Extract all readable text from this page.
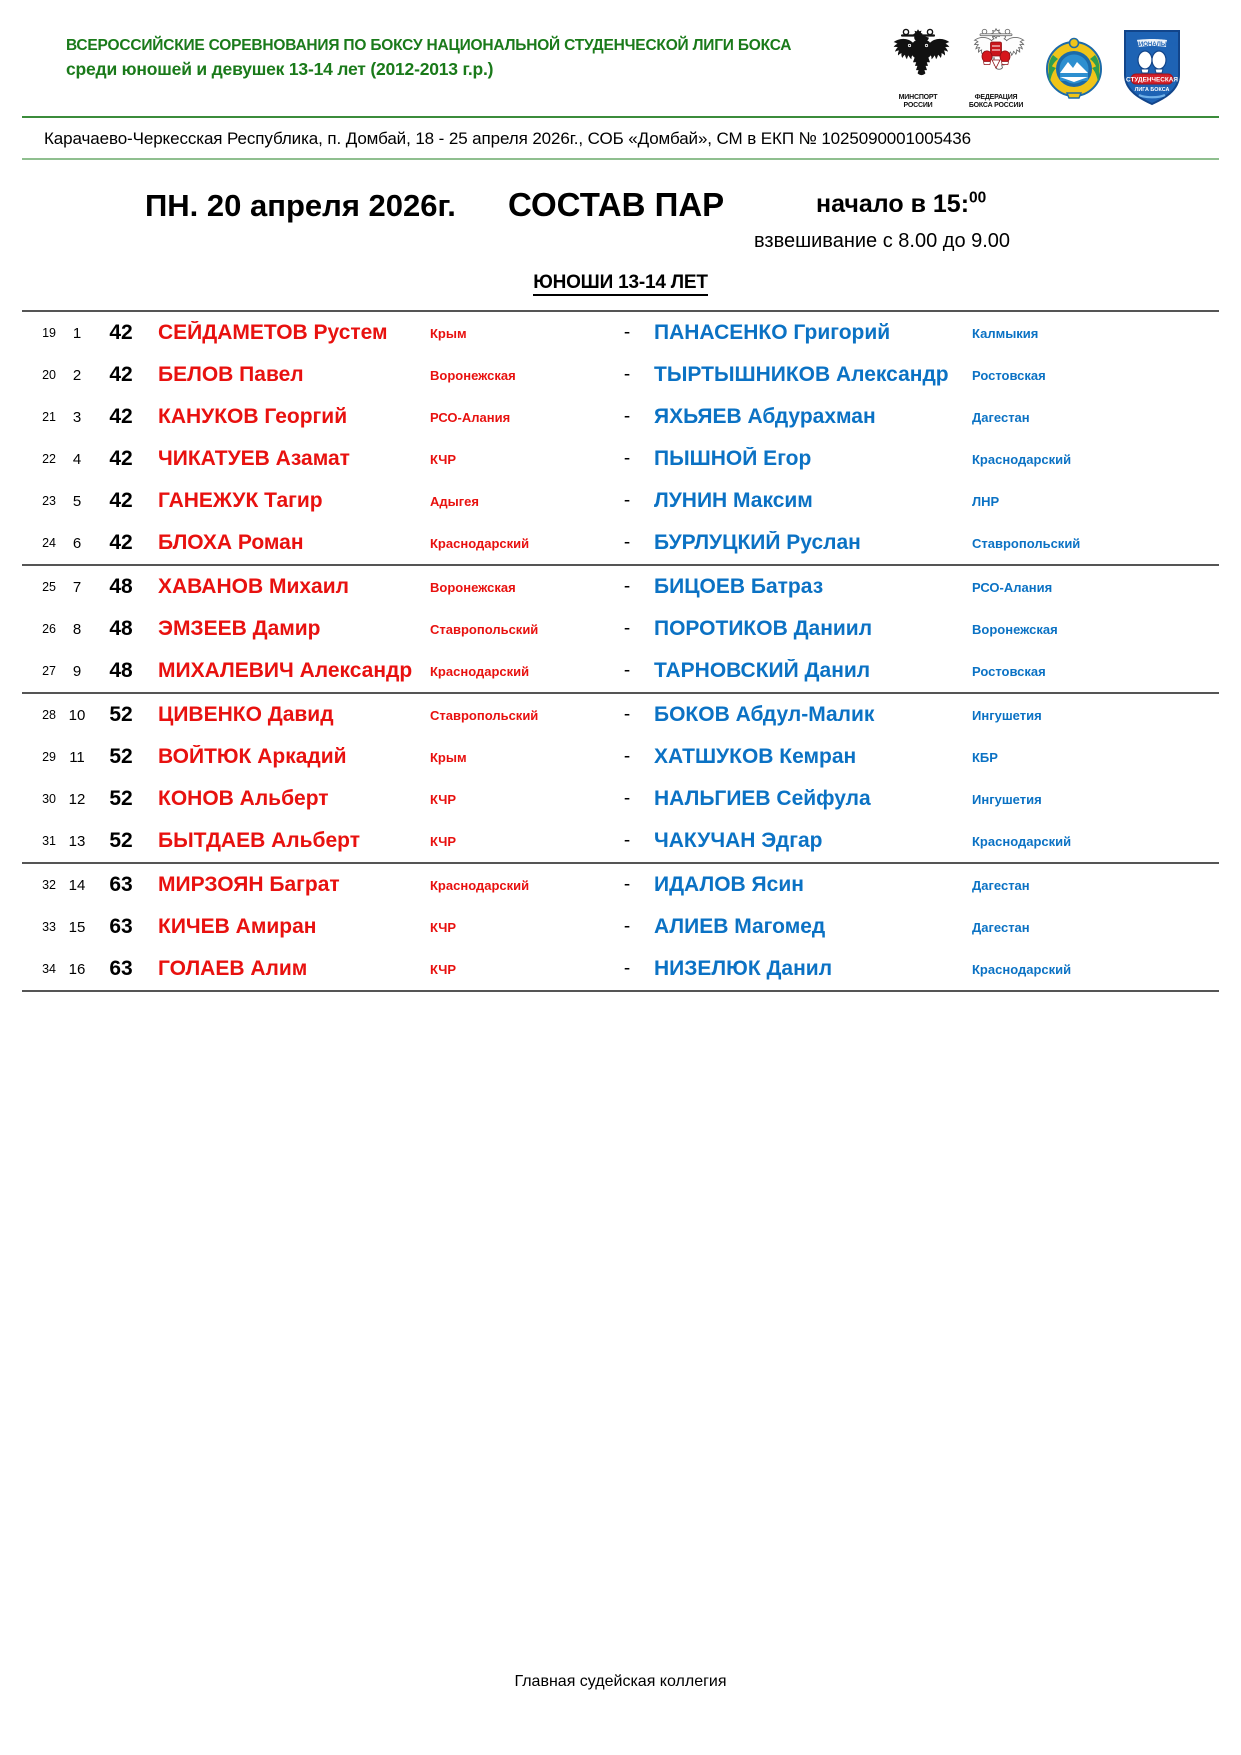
ВСЕРОССИЙСКИЕ СОРЕВНОВАНИЯ ПО БОКСУ НАЦИОНАЛЬНОЙ СТУДЕНЧЕСКОЙ ЛИГИ БОКСА
среди юношей и девушек 13-14 лет (2012-2013 г.р.)
МИНСПОРТ
РОССИИ
ФЕДЕРАЦИЯ
БОКСА РОССИИ
НАЦИОНАЛЬНАЯ
СТУДЕНЧЕСКАЯ
ЛИГА БОКСА
Карачаево-Черкесская Республика, п. Домбай, 18 - 25 апреля 2026г., СОБ «Домбай», СМ в ЕКП № 1025090001005436
ПН. 20 апреля 2026г. СОСТАВ ПАР	начало в 15:$^{00}$
взвешивание с 8.00 до 9.00
ЮНОШИ 13-14 ЛЕТ
19	1	42	СЕЙДАМЕТОВ Рустем	Крым	-	ПАНАСЕНКО Григорий	Калмыкия
20	2	42	БЕЛОВ Павел	Воронежская	-	ТЫРТЫШНИКОВ Александр	Ростовская
21	3	42	КАНУКОВ Георгий	РСО-Алания	-	ЯХЬЯЕВ Абдурахман	Дагестан
22	4	42	ЧИКАТУЕВ Азамат	КЧР	-	ПЫШНОЙ Егор	Краснодарский
23	5	42	ГАНЕЖУК Тагир	Адыгея	-	ЛУНИН Максим	ЛНР
24	6	42	БЛОХА Роман	Краснодарский	-	БУРЛУЦКИЙ Руслан	Ставропольский
25	7	48	ХАВАНОВ Михаил	Воронежская	-	БИЦОЕВ Батраз	РСО-Алания
26	8	48	ЭМЗЕЕВ Дамир	Ставропольский	-	ПОРОТИКОВ Даниил	Воронежская
27	9	48	МИХАЛЕВИЧ Александр	Краснодарский	-	ТАРНОВСКИЙ Данил	Ростовская
28 10	52	ЦИВЕНКО Давид	Ставропольский	-	БОКОВ Абдул-Малик	Ингушетия
29 11	52	ВОЙТЮК Аркадий	Крым	-	ХАТШУКОВ Кемран	КБР
30 12	52	КОНОВ Альберт	КЧР	-	НАЛЬГИЕВ Сейфула	Ингушетия
31 13	52	БЫТДАЕВ Альберт	КЧР	-	ЧАКУЧАН Эдгар	Краснодарский
32 14	63	МИРЗОЯН Баграт	Краснодарский	-	ИДАЛОВ Ясин	Дагестан
33 15	63	КИЧЕВ Амиран	КЧР	-	АЛИЕВ Магомед	Дагестан
34 16	63	ГОЛАЕВ Алим	КЧР	-	НИЗЕЛЮК Данил	Краснодарский
Главная судейская коллегия
